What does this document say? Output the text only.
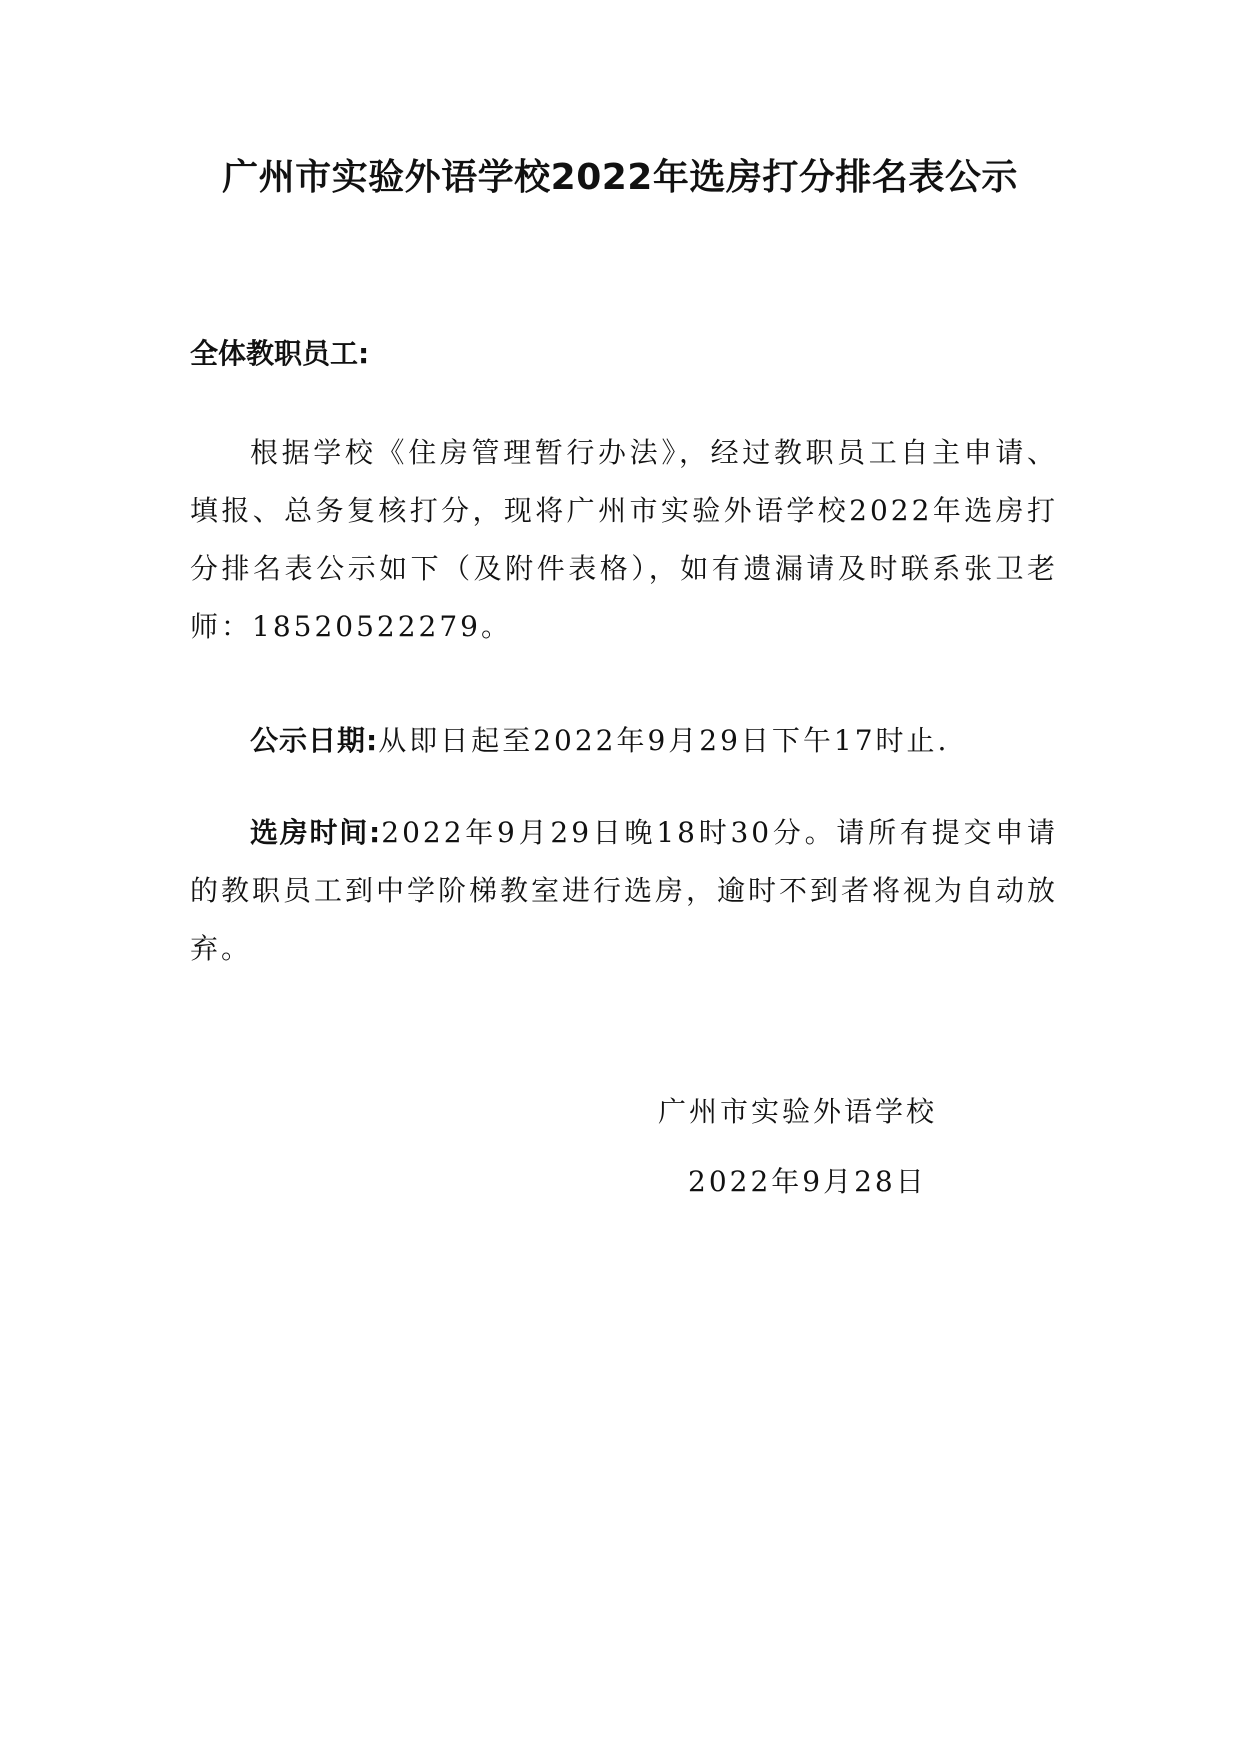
广州市实验外语学校2022年选房打分排名表公示
全体教职员工:
根据学校《住房管理暂行办法》，经过教职员工自主申请、填报、总务复核打分，现将广州市实验外语学校2022年选房打分排名表公示如下（及附件表格），如有遗漏请及时联系张卫老师：18520522279。
公示日期:从即日起至2022年9月29日下午17时止.
选房时间:2022年9月29日晚18时30分。请所有提交申请的教职员工到中学阶梯教室进行选房，逾时不到者将视为自动放弃。
广州市实验外语学校
2022年9月28日
